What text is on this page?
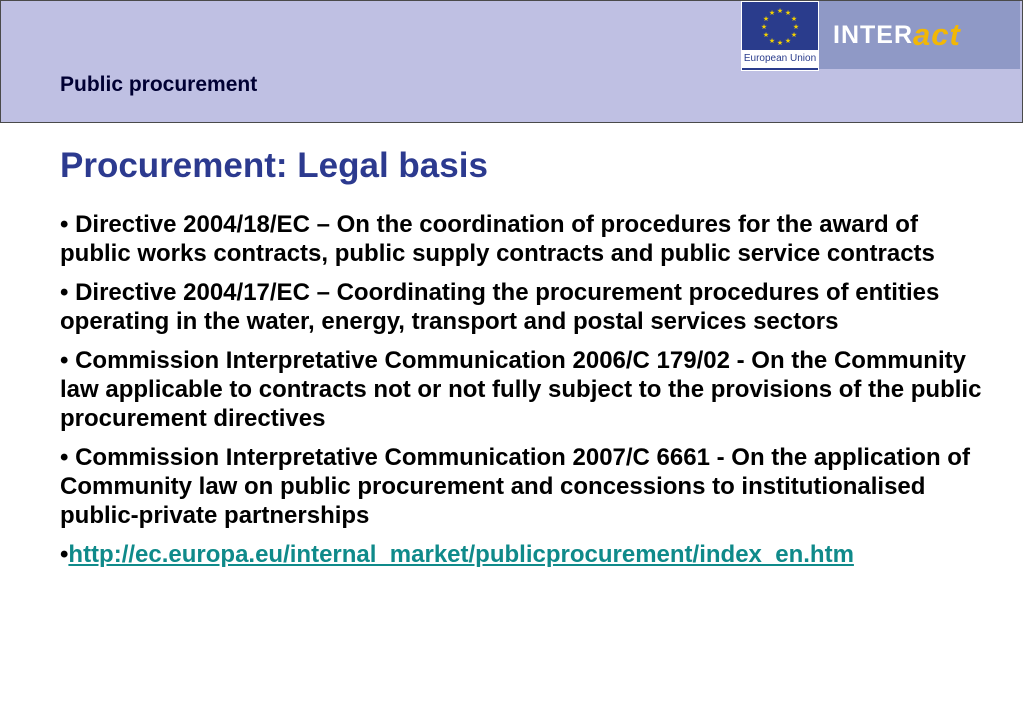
Public procurement
★ ★
★
★
★
★
★
★
★
★
★
★
European Union
INTER act
Procurement: Legal basis
• Directive 2004/18/EC – On the coordination of procedures for the award of public works contracts, public supply contracts and public service contracts
• Directive 2004/17/EC – Coordinating the procurement procedures of entities operating in the water, energy, transport and postal services sectors
• Commission Interpretative Communication 2006/C 179/02 - On the Community law applicable to contracts not or not fully subject to the provisions of the public procurement directives
• Commission Interpretative Communication 2007/C 6661 - On the application of Community law on public procurement and concessions to institutionalised public-private partnerships
•http://ec.europa.eu/internal_market/publicprocurement/index_en.htm
